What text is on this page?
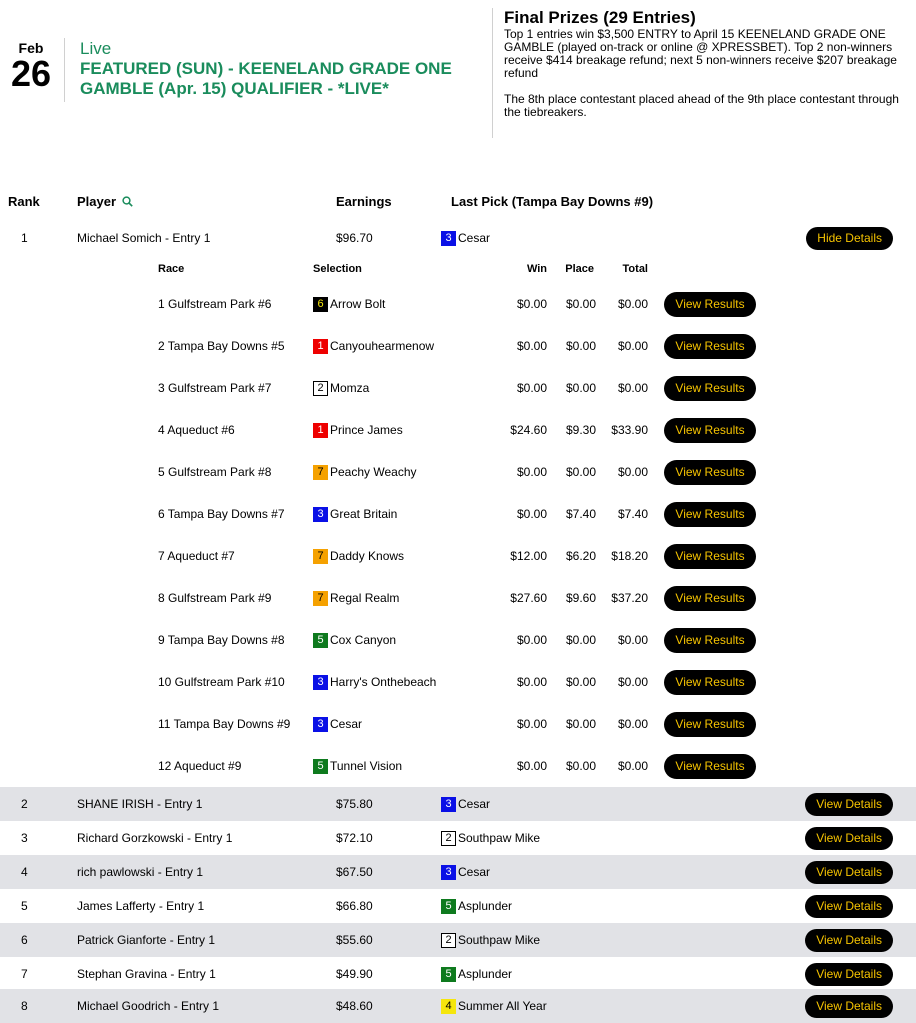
Feb
26
Live
FEATURED (SUN) - KEENELAND GRADE ONE GAMBLE (Apr. 15) QUALIFIER - *LIVE*
Final Prizes (29 Entries)
Top 1 entries win $3,500 ENTRY to April 15 KEENELAND GRADE ONE GAMBLE (played on-track or online @ XPRESSBET). Top 2 non-winners receive $414 breakage refund; next 5 non-winners receive $207 breakage refund
The 8th place contestant placed ahead of the 9th place contestant through the tiebreakers.
Rank	Player	Earnings	Last Pick (Tampa Bay Downs #9)
1	Michael Somich - Entry 1	$96.70	3 Cesar	Hide Details
Race	Selection	Win Place	Total
1 Gulfstream Park #6	6 Arrow Bolt	$0.00 $0.00 $0.00	View Results
2 Tampa Bay Downs #5	1 Canyouhearmenow	$0.00 $0.00 $0.00	View Results
3 Gulfstream Park #7	2 Momza	$0.00 $0.00 $0.00	View Results
4 Aqueduct #6	1 Prince James	$24.60 $9.30 $33.90	View Results
5 Gulfstream Park #8	7 Peachy Weachy	$0.00 $0.00 $0.00	View Results
6 Tampa Bay Downs #7	3 Great Britain	$0.00 $7.40 $7.40	View Results
7 Aqueduct #7	7 Daddy Knows	$12.00 $6.20 $18.20	View Results
8 Gulfstream Park #9	7 Regal Realm	$27.60 $9.60 $37.20	View Results
9 Tampa Bay Downs #8	5 Cox Canyon	$0.00 $0.00 $0.00	View Results
10 Gulfstream Park #10	3 Harry's Onthebeach	$0.00 $0.00 $0.00	View Results
11 Tampa Bay Downs #9	3 Cesar	$0.00 $0.00 $0.00	View Results
12 Aqueduct #9	5 Tunnel Vision	$0.00 $0.00 $0.00	View Results
2	SHANE IRISH - Entry 1	$75.80	3 Cesar	View Details
3	Richard Gorzkowski - Entry 1	$72.10	2 Southpaw Mike	View Details
4	rich pawlowski - Entry 1	$67.50	3 Cesar	View Details
5	James Lafferty - Entry 1	$66.80	5 Asplunder	View Details
6	Patrick Gianforte - Entry 1	$55.60	2 Southpaw Mike	View Details
7	Stephan Gravina - Entry 1	$49.90	5 Asplunder	View Details
8	Michael Goodrich - Entry 1	$48.60	4 Summer All Year	View Details
